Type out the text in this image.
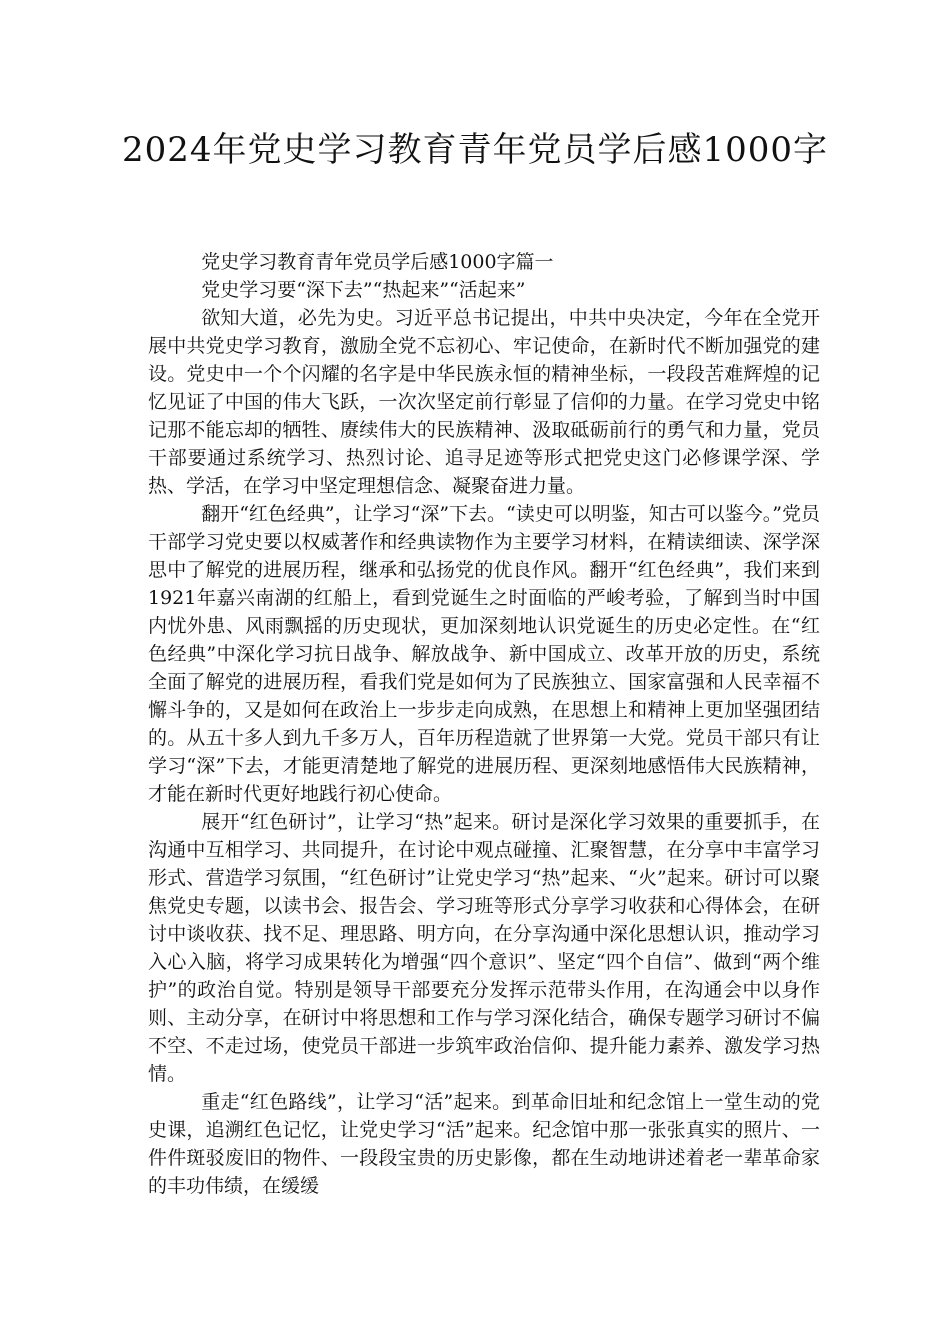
2024年党史学习教育青年党员学后感1000字

党史学习教育青年党员学后感1000字篇一

党史学习要“深下去”“热起来”“活起来”

欲知大道，必先为史。习近平总书记提出，中共中央决定，今年在全党开展中共党史学习教育，激励全党不忘初心、牢记使命，在新时代不断加强党的建设。党史中一个个闪耀的名字是中华民族永恒的精神坐标，一段段苦难辉煌的记忆见证了中国的伟大飞跃，一次次坚定前行彰显了信仰的力量。在学习党史中铭记那不能忘却的牺牲、赓续伟大的民族精神、汲取砥砺前行的勇气和力量，党员干部要通过系统学习、热烈讨论、追寻足迹等形式把党史这门必修课学深、学热、学活，在学习中坚定理想信念、凝聚奋进力量。

翻开“红色经典”，让学习“深”下去。“读史可以明鉴，知古可以鉴今。”党员干部学习党史要以权威著作和经典读物作为主要学习材料，在精读细读、深学深思中了解党的进展历程，继承和弘扬党的优良作风。翻开“红色经典”，我们来到1921年嘉兴南湖的红船上，看到党诞生之时面临的严峻考验，了解到当时中国内忧外患、风雨飘摇的历史现状，更加深刻地认识党诞生的历史必定性。在“红色经典”中深化学习抗日战争、解放战争、新中国成立、改革开放的历史，系统全面了解党的进展历程，看我们党是如何为了民族独立、国家富强和人民幸福不懈斗争的，又是如何在政治上一步步走向成熟，在思想上和精神上更加坚强团结的。从五十多人到九千多万人，百年历程造就了世界第一大党。党员干部只有让学习“深”下去，才能更清楚地了解党的进展历程、更深刻地感悟伟大民族精神，才能在新时代更好地践行初心使命。

展开“红色研讨”，让学习“热”起来。研讨是深化学习效果的重要抓手，在沟通中互相学习、共同提升，在讨论中观点碰撞、汇聚智慧，在分享中丰富学习形式、营造学习氛围，“红色研讨”让党史学习“热”起来、“火”起来。研讨可以聚焦党史专题，以读书会、报告会、学习班等形式分享学习收获和心得体会，在研讨中谈收获、找不足、理思路、明方向，在分享沟通中深化思想认识，推动学习入心入脑，将学习成果转化为增强“四个意识”、坚定“四个自信”、做到“两个维护”的政治自觉。特别是领导干部要充分发挥示范带头作用，在沟通会中以身作则、主动分享，在研讨中将思想和工作与学习深化结合，确保专题学习研讨不偏不空、不走过场，使党员干部进一步筑牢政治信仰、提升能力素养、激发学习热情。

重走“红色路线”，让学习“活”起来。到革命旧址和纪念馆上一堂生动的党史课，追溯红色记忆，让党史学习“活”起来。纪念馆中那一张张真实的照片、一件件斑驳废旧的物件、一段段宝贵的历史影像，都在生动地讲述着老一辈革命家的丰功伟绩，在缓缓
